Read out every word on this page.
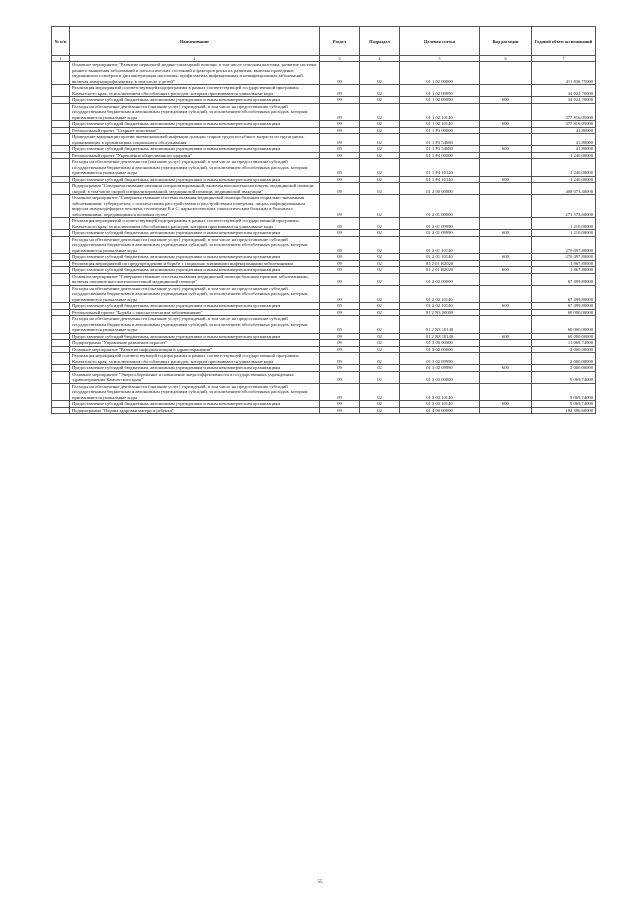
№ п/п	Наименование	Раздел	Подраздел	Целевая статья	Вид расходов	Годовой объем ассигнований
1	2	3	4	5	6	7
	Основное мероприятие "Развитие первичной медико-санитарной помощи, в том числе сельским жителям; развитие системы раннего выявления заболеваний и патологических состояний и факторов риска их развития, включая проведение медицинских осмотров и диспансеризации населения; профилактика инфекционных и неинфекционных заболеваний, включая иммунопрофилактику, в том числе у детей"	09	02	01 1 02 00000		411 836,75000
	Реализация мероприятий соответствующей подпрограммы в рамках соответствующей государственной программы Камчатского края, за исключением обособленных расходов, которым присваиваются уникальные коды	09	02	01 1 02 09990		34 022,70000
	Предоставление субсидий бюджетным, автономным учреждениям и иным некоммерческим организациям	09	02	01 1 02 09990	600	34 022,70000
	Расходы на обеспечение деятельности (оказание услуг) учреждений, в том числе на предоставление субсидий государственным бюджетным и автономным учреждениям субсидий, за исключением обособленных расходов, которым присваиваются уникальные коды	09	02	01 1 02 10140		377 816,05000
	Предоставление субсидий бюджетным, автономным учреждениям и иным некоммерческим организациям	09	02	01 1 02 10140	600	377 816,05000
	Региональный проект "Старшее поколение"	09	02	01 1 P3 00000		41,80000
	Проведение вакцинации против пневмококковой инфекции граждан старше трудоспособного возраста из групп риска, проживающих в организациях социального обслуживания	09	02	01 1 P3 54680		41,80000
	Предоставление субсидий бюджетным, автономным учреждениям и иным некоммерческим организациям	09	02	01 1 P3 54680	600	41,80000
	Региональный проект "Укрепление общественного здоровья"	09	02	01 1 P4 00000		3 240,00000
	Расходы на обеспечение деятельности (оказание услуг) учреждений, в том числе на предоставление субсидий государственным бюджетным и автономным учреждениям субсидий, за исключением обособленных расходов, которым присваиваются уникальные коды	09	02	01 1 P4 10140		3 240,00000
	Предоставление субсидий бюджетным, автономным учреждениям и иным некоммерческим организациям	09	02	01 1 P4 10140	600	3 240,00000
	Подпрограмма "Совершенствование оказания специализированной, включая высокотехнологичную, медицинской помощи, скорой, в том числе скорой специализированной, медицинской помощи, медицинской эвакуации"	09	02	01 2 00 00000		408 073,40000
	Основное мероприятие "Совершенствование системы оказания медицинской помощи больным социально-значимыми заболеваниями: туберкулезом, с психическими расстройствами и расстройствами поведения, лицам, инфицированным вирусом иммунодефицита человека, гепатитами В и С, наркологическим, онкологическим больным и больным с заболеваниями, передающимися половым путем"	09	02	01 2 01 00000		273 575,60000
	Реализация мероприятий соответствующей подпрограммы в рамках соответствующей государственной программы Камчатского края, за исключением обособленных расходов, которым присваиваются уникальные коды	09	02	01 2 01 09990		1 210,00000
	Предоставление субсидий бюджетным, автономным учреждениям и иным некоммерческим организациям	09	02	01 2 01 09990	600	1 210,00000
	Расходы на обеспечение деятельности (оказание услуг) учреждений, в том числе на предоставление субсидий государственным бюджетным и автономным учреждениям субсидий, за исключением обособленных расходов, которым присваиваются уникальные коды	09	02	01 2 01 10140		270 497,80000
	Предоставление субсидий бюджетным, автономным учреждениям и иным некоммерческим организациям	09	02	01 2 01 10140	600	270 497,80000
	Реализация мероприятий по предупреждению и борьбе с социально значимыми инфекционными заболеваниями	09	02	01 2 01 R2020		1 867,80000
	Предоставление субсидий бюджетным, автономным учреждениям и иным некоммерческим организациям	09	02	01 2 01 R2020	600	1 867,80000
	Основное мероприятие "Совершенствование системы оказания медицинской помощи больным прочими заболеваниями, включая оказание высокотехнологичной медицинской помощи"	09	02	01 2 02 00000		67 499,80000
	Расходы на обеспечение деятельности (оказание услуг) учреждений, в том числе на предоставление субсидий государственным бюджетным и автономным учреждениям субсидий, за исключением обособленных расходов, которым присваиваются уникальные коды	09	02	01 2 02 10140		67 499,80000
	Предоставление субсидий бюджетным, автономным учреждениям и иным некоммерческим организациям	09	02	01 2 02 10140	600	67 499,80000
	Региональный проект "Борьба с онкологическими заболеваниями"	09	02	01 2 N3 00000		60 000,00000
	Расходы на обеспечение деятельности (оказание услуг) учреждений, в том числе на предоставление субсидий государственным бюджетным и автономным учреждениям субсидий, за исключением обособленных расходов, которым присваиваются уникальные коды	09	02	01 2 N3 10140		60 000,00000
	Предоставление субсидий бюджетным, автономным учреждениям и иным некоммерческим организациям	09	02	01 2 N3 10140	600	60 000,00000
	Подпрограмма "Управление развитием отрасли"	09	02	01 3 00 00000		11 069,74000
	Основное мероприятие "Развитие информатизации в здравоохранении"	09	02	01 3 02 00000		2 000,00000
	Реализация мероприятий соответствующей подпрограммы в рамках соответствующей государственной программы Камчатского края, за исключением обособленных расходов, которым присваиваются уникальные коды	09	02	01 3 02 09990		2 000,00000
	Предоставление субсидий бюджетным, автономным учреждениям и иным некоммерческим организациям	09	02	01 3 02 09990	600	2 000,00000
	Основное мероприятие "Энергосбережение и повышение энергоэффективности в государственных учреждениях здравоохранения Камчатского края"	09	02	01 3 03 00000		9 069,74000
	Расходы на обеспечение деятельности (оказание услуг) учреждений, в том числе на предоставление субсидий государственным бюджетным и автономным учреждениям субсидий, за исключением обособленных расходов, которым присваиваются уникальные коды	09	02	01 3 03 10140		9 069,74000
	Предоставление субсидий бюджетным, автономным учреждениям и иным некоммерческим организациям	09	02	01 3 03 10140	600	9 069,74000
	Подпрограмма "Охрана здоровья матери и ребенка"	09	02	01 4 00 00000		182 386,60000
55
